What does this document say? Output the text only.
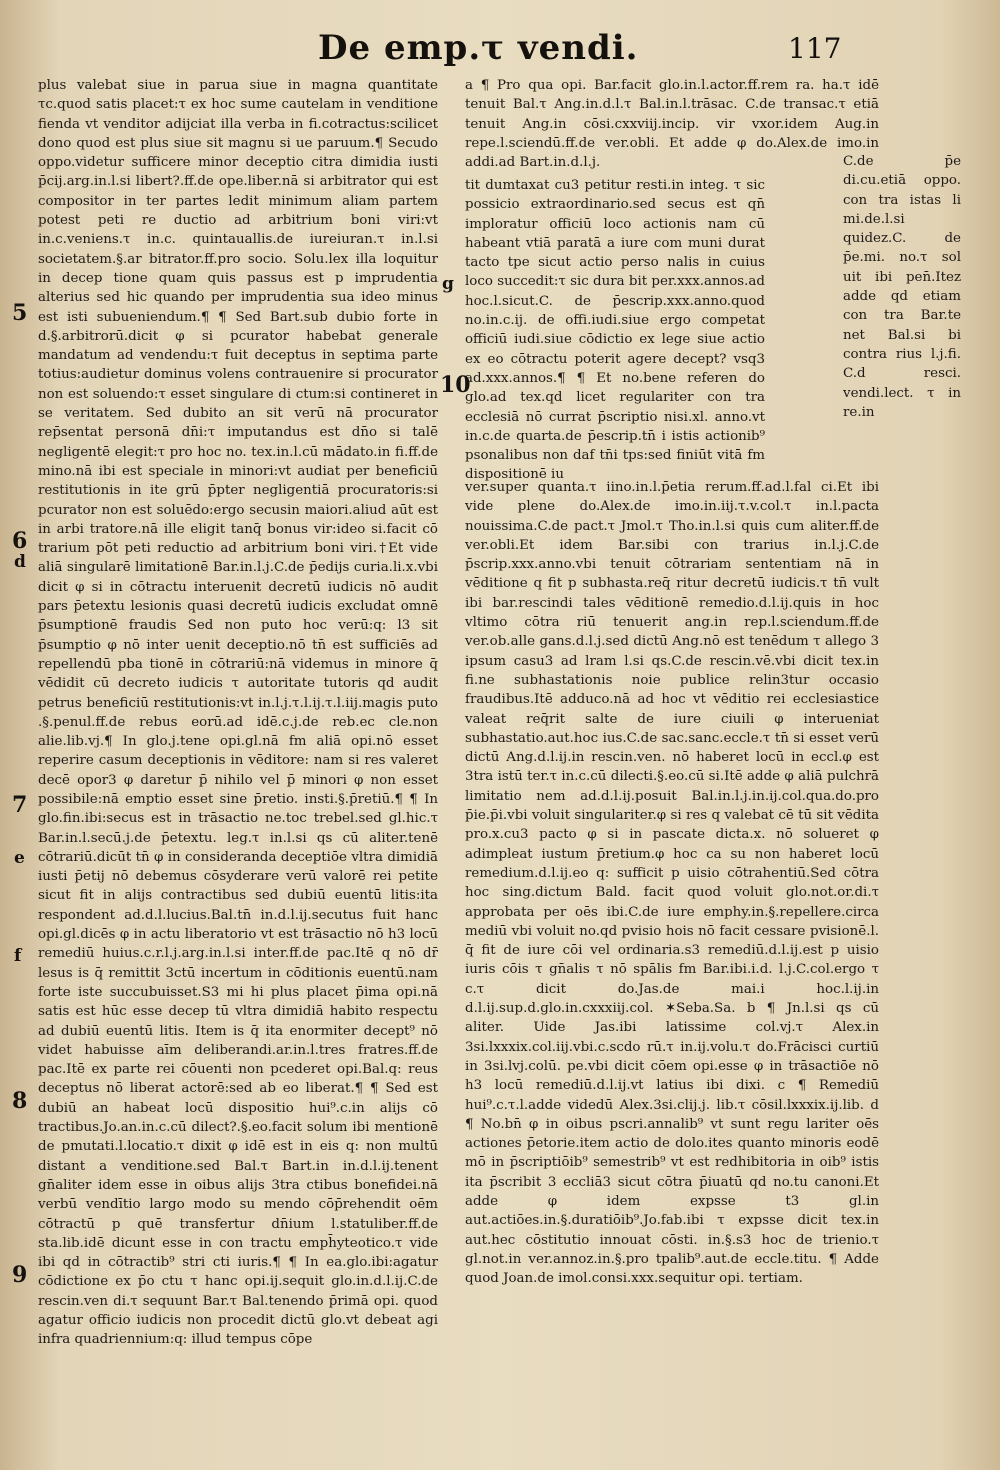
De emp.τ vendi.	117

plus valebat siue in parua siue in magna quantitate τc.quod satis placet:τ ex hoc sume cautelam in venditione fienda vt venditor adijciat illa verba in fi.cotractus:scilicet dono quod est plus siue sit magnu si ue paruum.¶ Secudo oppo.videtur sufficere minor deceptio citra dimidia iusti p̄cij.arg.in.l.si libert?.ff.de ope.liber.nā si arbitrator qui est compositor in ter partes ledit minimum aliam partem potest peti re ductio ad arbitrium boni viri:vt in.c.veniens.τ in.c. quintauallis.de iureiuran.τ in.l.si societatem.§.ar bitrator.ff.pro socio. Solu.lex illa loquitur in decep tione quam quis passus est p imprudentia alterius sed hic quando per imprudentia sua ideo minus est isti subueniendum.¶ ¶ Sed Bart.sub dubio forte in d.§.arbitrorū.dicit φ si pcurator habebat generale mandatum ad vendendu:τ fuit deceptus in septima parte totius:audietur dominus volens contrauenire si procurator non est soluendo:τ esset singulare di ctum:si contineret in se veritatem. Sed dubito an sit verū nā procurator rep̄sentat personā dn̄i:τ imputandus est dn̄o si talē negligentē elegit:τ pro hoc no. tex.in.l.cū mādato.in fi.ff.de mino.nā ibi est speciale in minori:vt audiat per beneficiū restitutionis in ite grū p̄pter negligentiā procuratoris:si pcurator non est soluēdo:ergo secusin maiori.aliud aūt est in arbi tratore.nā ille eligit tanq̄ bonus vir:ideo si.facit cō trarium pōt peti reductio ad arbitrium boni viri.†Et vide aliā singularē limitationē Bar.in.l.j.C.de p̄edijs curia.li.x.vbi dicit φ si in cōtractu interuenit decretū iudicis nō audit pars p̄etextu lesionis quasi decretū iudicis excludat omnē p̄sumptionē fraudis Sed non puto hoc verū:q: l3 sit p̄sumptio φ nō inter uenit deceptio.nō tn̄ est sufficiēs ad repellendū pba tionē in cōtrariū:nā videmus in minore q̄ vēdidit cū decreto iudicis τ autoritate tutoris qd audit petrus beneficiū restitutionis:vt in.l.j.τ.l.ij.τ.l.iij.magis puto .§.penul.ff.de rebus eorū.ad idē.c.j.de reb.ec cle.non alie.lib.vj.¶ In glo.j.tene opi.gl.nā fm aliā opi.nō esset reperire casum deceptionis in vēditore: nam si res valeret decē opor3 φ daretur p̄ nihilo vel p̄ minori φ non esset possibile:nā emptio esset sine p̄retio. insti.§.p̄retiū.¶ ¶ In glo.fin.ibi:secus est in trāsactio ne.toc trebel.sed gl.hic.τ Bar.in.l.secū.j.de p̄etextu. leg.τ in.l.si qs cū aliter.tenē cōtrariū.dicūt tn̄ φ in consideranda deceptiōe vltra dimidiā iusti p̄etij nō debemus cōsyderare verū valorē rei petite sicut fit in alijs contractibus sed dubiū euentū litis:ita respondent ad.d.l.lucius.Bal.tn̄ in.d.l.ij.secutus fuit hanc opi.gl.dicēs φ in actu liberatorio vt est trāsactio nō h3 locū remediū huius.c.r.l.j.arg.in.l.si inter.ff.de pac.Itē q nō dr̄ lesus is q̄ remittit 3ctū incertum in cōditionis euentū.nam forte iste succubuisset.S3 mi hi plus placet p̄ima opi.nā satis est hūc esse decep tū vltra dimidiā habito respectu ad dubiū euentū litis. Item is q̄ ita enormiter decept⁹ nō videt habuisse aīm deliberandi.ar.in.l.tres fratres.ff.de pac.Itē ex parte rei cōuenti non pcederet opi.Bal.q: reus deceptus nō liberat actorē:sed ab eo liberat.¶ ¶ Sed est dubiū an habeat locū dispositio hui⁹.c.in alijs cō tractibus.Jo.an.in.c.cū dilect?.§.eo.facit solum ibi mentionē de pmutati.l.locatio.τ dixit φ idē est in eis q: non multū distant a venditione.sed Bal.τ Bart.in in.d.l.ij.tenent gn̄aliter idem esse in oibus alijs 3tra ctibus bonefidei.nā verbū vendītio largo modo su mendo cōp̄rehendit oēm cōtractū p quē transfertur dn̄ium l.statuliber.ff.de sta.lib.idē dicunt esse in con tractu emph̄yteotico.τ vide ibi qd in cōtractib⁹ stri cti iuris.¶ ¶ In ea.glo.ibi:agatur cōdictione ex p̄o ctu τ hanc opi.ij.sequit glo.in.d.l.ij.C.de rescin.ven di.τ sequunt Bar.τ Bal.tenendo p̄rimā opi. quod agatur officio iudicis non procedit dictū glo.vt debeat agi infra quadriennium:q: illud tempus cōpe

a ¶ Pro qua opi. Bar.facit glo.in.l.actor.ff.rem ra. ha.τ idē tenuit Bal.τ Ang.in.d.l.τ Bal.in.l.trāsac. C.de transac.τ etiā tenuit Ang.in cōsi.cxxviij.incip. vir vxor.idem Aug.in repe.l.sciendū.ff.de ver.obli. Et adde φ do.Alex.de imo.in addi.ad Bart.in.d.l.j.

tit dumtaxat cu3 petitur resti.in integ. τ sic possicio extraordinario.sed secus est qn̄ imploratur officiū loco actionis nam cū habeant vtiā paratā a iure com muni durat tacto tpe sicut actio perso nalis in cuius loco succedit:τ sic dura bit per.xxx.annos.ad hoc.l.sicut.C. de p̄escrip.xxx.anno.quod no.in.c.ij. de offi.iudi.siue ergo competat officiū iudi.siue cōdictio ex lege siue actio ex eo cōtractu poterit agere decept? vsq3 ad.xxx.annos.¶ ¶ Et no.bene referen do glo.ad tex.qd licet regulariter con tra ecclesiā nō currat p̄scriptio nisi.xl. anno.vt in.c.de quarta.de p̄escrip.tn̄ i istis actionib⁹ psonalibus non daf tn̄i tps:sed finiūt vitā fm dispositionē iu

C.de p̄e di.cu.etiā oppo. con tra istas li mi.de.l.si quidez.C. de p̄e.mi. no.τ sol uit ibi pen̄.Itez adde qd etiam con tra Bar.te net Bal.si bi contra rius l.j.fi. C.d resci. vendi.lect. τ in re.in

ver.super quanta.τ iino.in.l.p̄etia rerum.ff.ad.l.fal ci.Et ibi vide plene do.Alex.de imo.in.iij.τ.v.col.τ in.l.pacta nouissima.C.de pact.τ Jmol.τ Tho.in.l.si quis cum aliter.ff.de ver.obli.Et idem Bar.sibi con trarius in.l.j.C.de p̄scrip.xxx.anno.vbi tenuit cōtrariam sententiam nā in vēditione q fit p subhasta.req̄ ritur decretū iudicis.τ tn̄ vult ibi bar.rescindi tales vēditionē remedio.d.l.ij.quis in hoc vltimo cōtra riū tenuerit ang.in rep.l.sciendum.ff.de ver.ob.alle gans.d.l.j.sed dictū Ang.nō est tenēdum τ allego 3 ipsum casu3 ad lram l.si qs.C.de rescin.vē.vbi dicit tex.in fi.ne subhastationis noie publice relin3tur occasio fraudibus.Itē adduco.nā ad hoc vt vēditio rei ecclesiastice valeat req̄rit salte de iure ciuili φ interueniat subhastatio.aut.hoc ius.C.de sac.sanc.eccle.τ tn̄ si esset verū dictū Ang.d.l.ij.in rescin.ven. nō haberet locū in eccl.φ est 3tra istū ter.τ in.c.cū dilecti.§.eo.cū si.Itē adde φ aliā pulchrā limitatio nem ad.d.l.ij.posuit Bal.in.l.j.in.ij.col.qua.do.pro p̄ie.p̄i.vbi voluit singulariter.φ si res q valebat cē tū sit vēdita pro.x.cu3 pacto φ si in pascate dicta.x. nō solueret φ adimpleat iustum p̄retium.φ hoc ca su non haberet locū remedium.d.l.ij.eo q: sufficit p uisio cōtrahentiū.Sed cōtra hoc sing.dictum Bald. facit quod voluit glo.not.or.di.τ approbata per oēs ibi.C.de iure emphy.in.§.repellere.circa mediū vbi voluit no.qd pvisio hois nō facit cessare pvisionē.l. q̄ fit de iure cōi vel ordinaria.s3 remediū.d.l.ij.est p uisio iuris cōis τ gn̄alis τ nō spālis fm Bar.ibi.i.d. l.j.C.col.ergo τ c.τ dicit do.Jas.de mai.i hoc.l.ij.in d.l.ij.sup.d.glo.in.cxxxiij.col. ✶Seba.Sa. b ¶ Jn.l.si qs cū aliter. Uide Jas.ibi latissime col.vj.τ Alex.in 3si.lxxxix.col.iij.vbi.c.scdo rū.τ in.ij.volu.τ do.Frācisci curtiū in 3si.lvj.colū. pe.vbi dicit cōem opi.esse φ in trāsactiōe nō h3 locū remediū.d.l.ij.vt latius ibi dixi. c ¶ Remediū hui⁹.c.τ.l.adde videdū Alex.3si.clij.j. lib.τ cōsil.lxxxix.ij.lib. d ¶ No.bn̄ φ in oibus pscri.annalib⁹ vt sunt regu lariter oēs actiones p̄etorie.item actio de dolo.ites quanto minoris eodē mō in p̄scriptiōib⁹ semestrib⁹ vt est redhibitoria in oib⁹ istis ita p̄scribit 3 eccliā3 sicut cōtra p̄iuatū qd no.tu canoni.Et adde φ idem expsse t3 gl.in aut.actiōes.in.§.duratiōib⁹.Jo.fab.ibi τ expsse dicit tex.in aut.hec cōstitutio innouat cōsti. in.§.s3 hoc de trienio.τ gl.not.in ver.annoz.in.§.pro tpalib⁹.aut.de eccle.titu. ¶ Adde quod Joan.de imol.consi.xxx.sequitur opi. tertiam.

5
6
d
7
e
f
8
9
g
10
